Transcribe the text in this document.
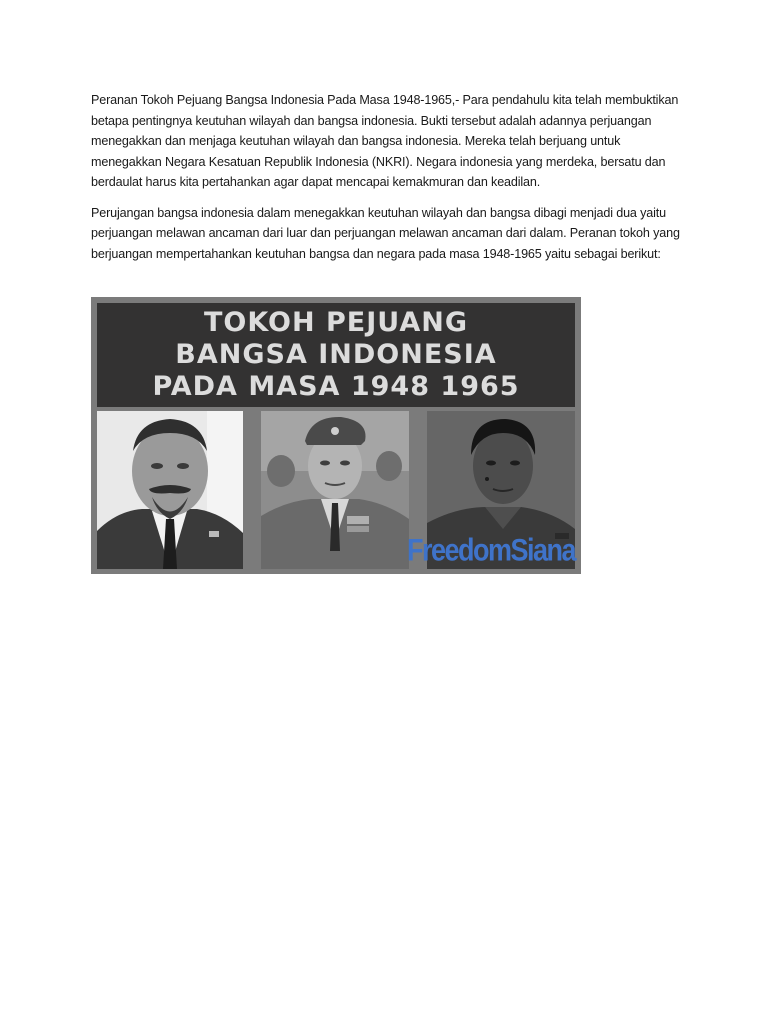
Peranan Tokoh Pejuang Bangsa Indonesia Pada Masa 1948-1965,- Para pendahulu kita telah membuktikan betapa pentingnya keutuhan wilayah dan bangsa indonesia. Bukti tersebut adalah adannya perjuangan menegakkan dan menjaga keutuhan wilayah dan bangsa indonesia. Mereka telah berjuang untuk menegakkan Negara Kesatuan Republik Indonesia (NKRI). Negara indonesia yang merdeka, bersatu dan berdaulat harus kita pertahankan agar dapat mencapai kemakmuran dan keadilan.

Perujangan bangsa indonesia dalam menegakkan keutuhan wilayah dan bangsa dibagi menjadi dua yaitu perjuangan melawan ancaman dari luar dan perjuangan melawan ancaman dari dalam. Peranan tokoh yang berjuangan mempertahankan keutuhan bangsa dan negara pada masa 1948-1965 yaitu sebagai berikut:

TOKOH PEJUANG
BANGSA INDONESIA
PADA MASA 1948 1965
FreedomSiana
